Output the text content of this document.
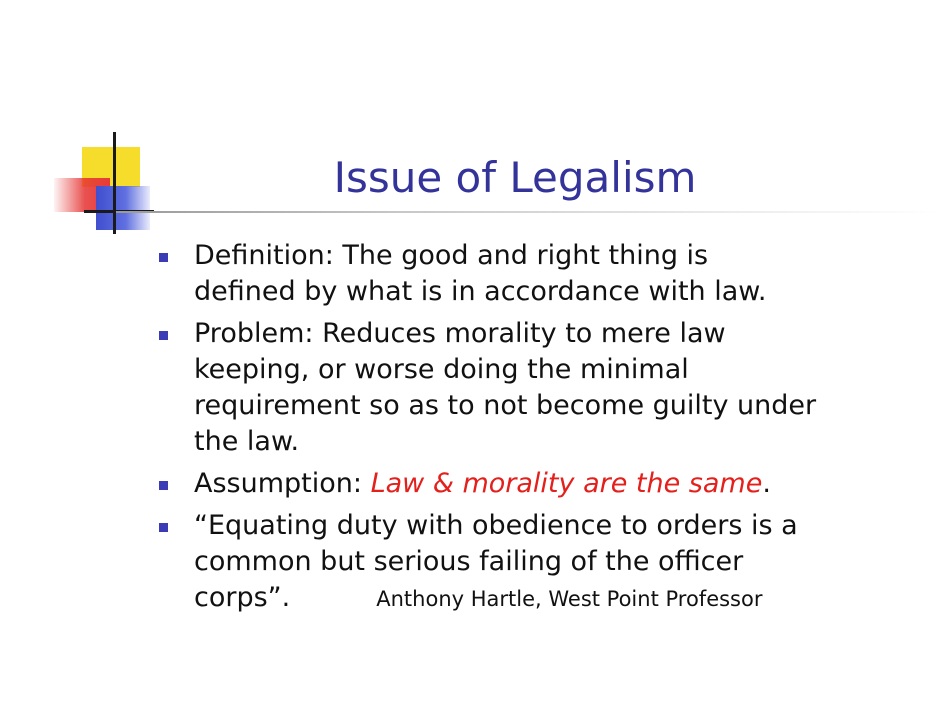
Issue of Legalism
Definition: The good and right thing is
defined by what is in accordance with law.
Problem: Reduces morality to mere law
keeping, or worse doing the minimal
requirement so as to not become guilty under
the law.
Assumption: Law & morality are the same.
“Equating duty with obedience to orders is a
common but serious failing of the officer
corps”.	Anthony Hartle, West Point Professor
